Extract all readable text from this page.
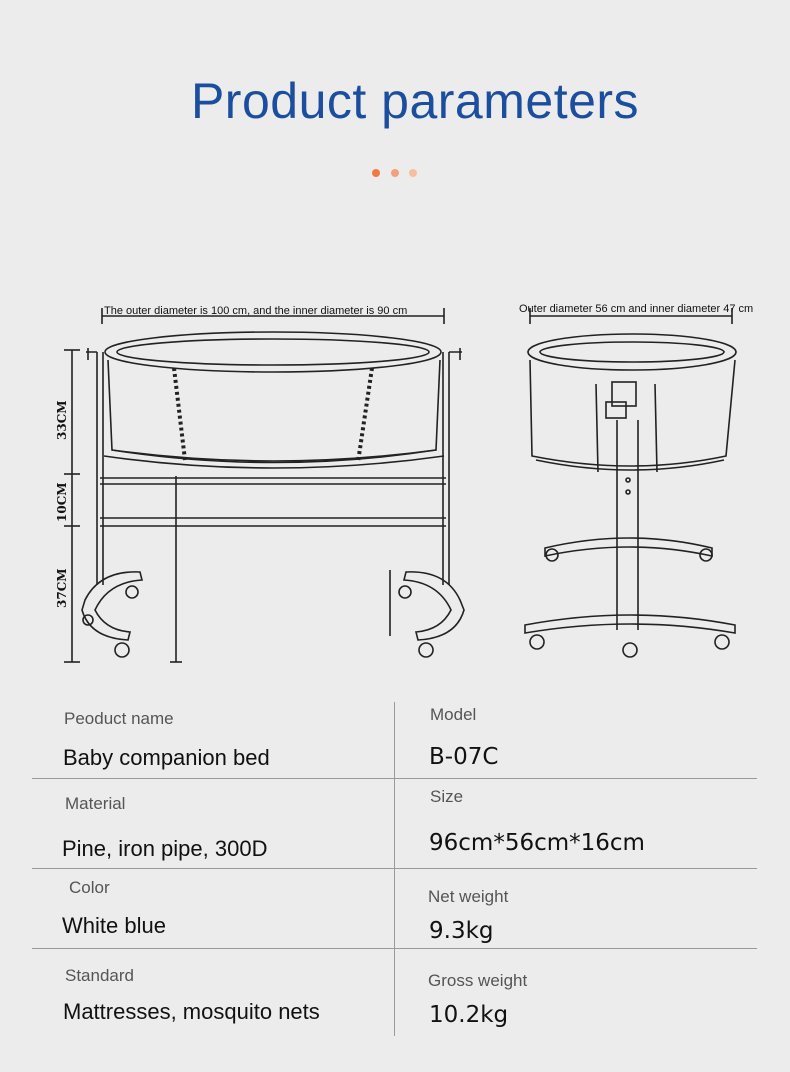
Product parameters
The outer diameter is 100 cm, and the inner diameter is 90 cm	Outer diameter 56 cm and inner diameter 47 cm
33CM
10CM
37CM
Peoduct name
Baby companion bed
Model
B-07C
Material
Pine, iron pipe, 300D
Size
96cm*56cm*16cm
Color
White blue
Net weight
9.3kg
Standard
Mattresses, mosquito nets
Gross weight
10.2kg
